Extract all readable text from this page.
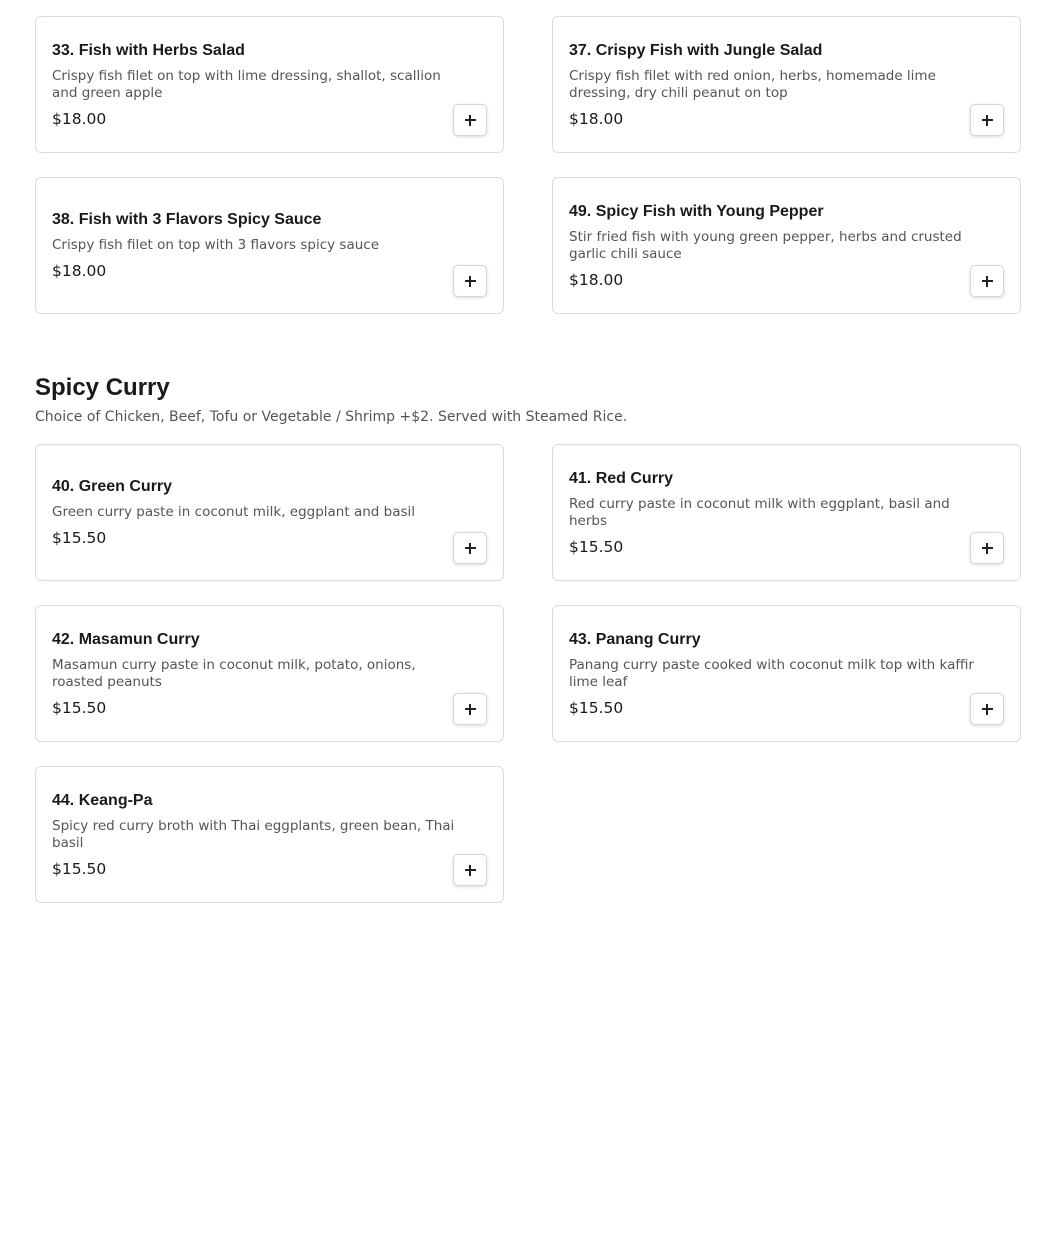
33. Fish with Herbs Salad
Crispy fish filet on top with lime dressing, shallot, scallion and green apple
$18.00
37. Crispy Fish with Jungle Salad
Crispy fish filet with red onion, herbs, homemade lime dressing, dry chili peanut on top
$18.00
38. Fish with 3 Flavors Spicy Sauce
Crispy fish filet on top with 3 flavors spicy sauce
$18.00
49. Spicy Fish with Young Pepper
Stir fried fish with young green pepper, herbs and crusted garlic chili sauce
$18.00
Spicy Curry

Choice of Chicken, Beef, Tofu or Vegetable / Shrimp +$2. Served with Steamed Rice.

40. Green Curry
Green curry paste in coconut milk, eggplant and basil
$15.50
41. Red Curry
Red curry paste in coconut milk with eggplant, basil and herbs
$15.50
42. Masamun Curry
Masamun curry paste in coconut milk, potato, onions, roasted peanuts
$15.50
43. Panang Curry
Panang curry paste cooked with coconut milk top with kaffir lime leaf
$15.50
44. Keang-Pa
Spicy red curry broth with Thai eggplants, green bean, Thai basil
$15.50
